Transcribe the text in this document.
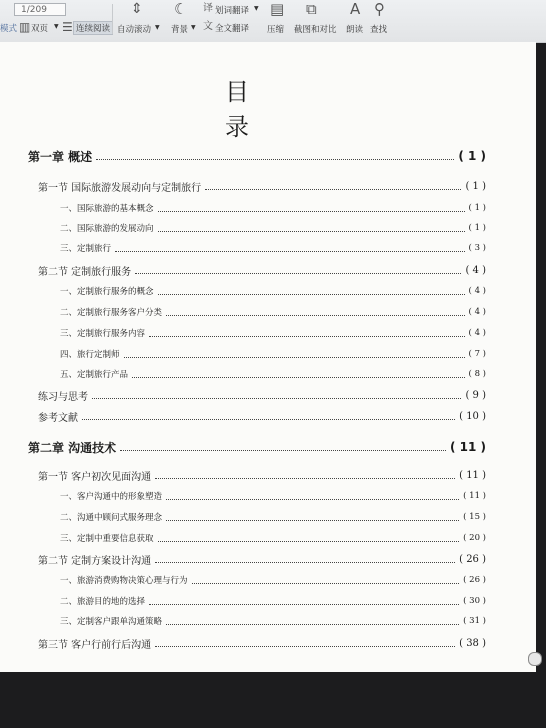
1/209
模式 ▥ 双页 ▼ ☰ 连续阅读
⇕
自动滚动 ▼
☾
背景 ▼
译 划词翻译 ▼
文 全文翻译
▤
压缩
⧉
截图和对比
A
朗读
⚲
查找
目 录
第一章 概述	( 1 )
第一节 国际旅游发展动向与定制旅行	( 1 )
一、国际旅游的基本概念	( 1 )
二、国际旅游的发展动向	( 1 )
三、定制旅行	( 3 )
第二节 定制旅行服务	( 4 )
一、定制旅行服务的概念	( 4 )
二、定制旅行服务客户分类	( 4 )
三、定制旅行服务内容	( 4 )
四、旅行定制师	( 7 )
五、定制旅行产品	( 8 )
练习与思考	( 9 )
参考文献	( 10 )
第二章 沟通技术	( 11 )
第一节 客户初次见面沟通	( 11 )
一、客户沟通中的形象塑造	( 11 )
二、沟通中顾问式服务理念	( 15 )
三、定制中重要信息获取	( 20 )
第二节 定制方案设计沟通	( 26 )
一、旅游消费购物决策心理与行为	( 26 )
二、旅游目的地的选择	( 30 )
三、定制客户跟单沟通策略	( 31 )
第三节 客户行前行后沟通	( 38 )
